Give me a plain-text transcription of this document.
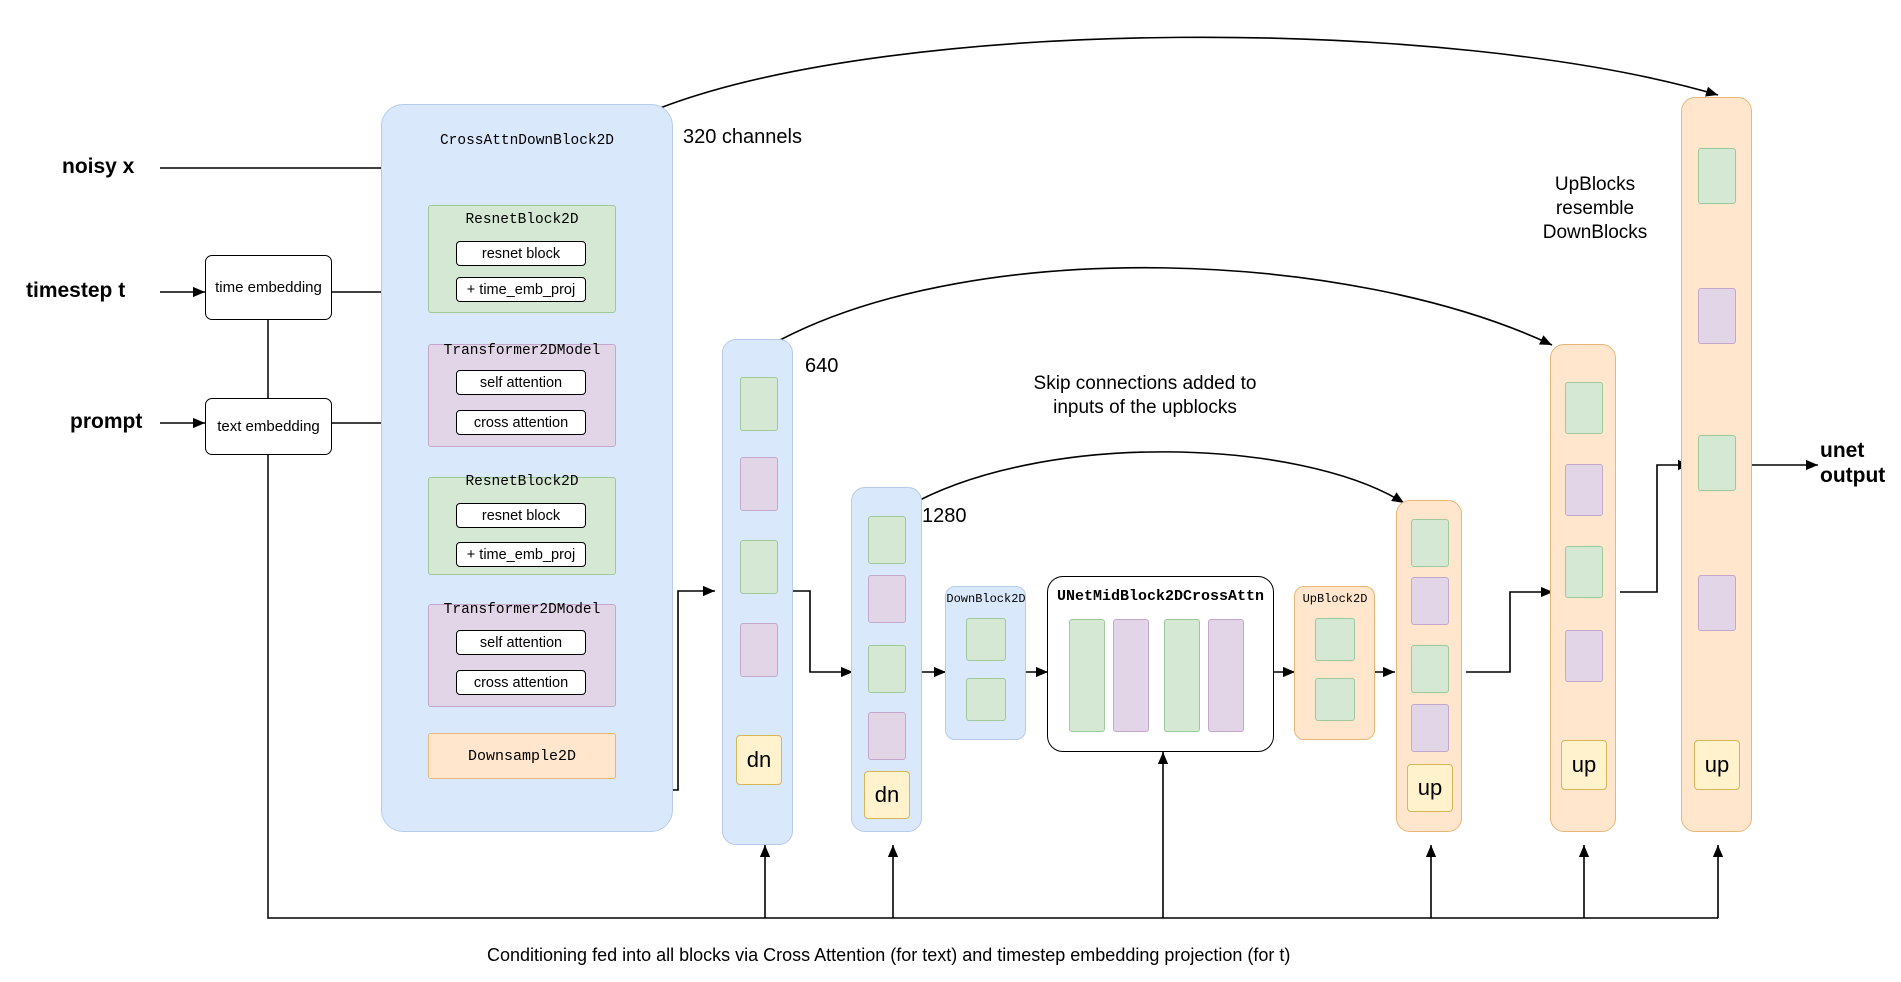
noisy x
timestep t
prompt
time embedding
text embedding
CrossAttnDownBlock2D
ResnetBlock2D
resnet block
+ time_emb_proj
Transformer2DModel
self attention
cross attention
ResnetBlock2D
resnet block
+ time_emb_proj
Transformer2DModel
self attention
cross attention
Downsample2D
320 channels
640
1280
dn
dn
DownBlock2D	UNetMidBlock2DCrossAttn	UpBlock2D
up
up	up
UpBlocks
resemble
DownBlocks
Skip connections added to
inputs of the upblocks
unet
output
Conditioning fed into all blocks via Cross Attention (for text) and timestep embedding projection (for t)
